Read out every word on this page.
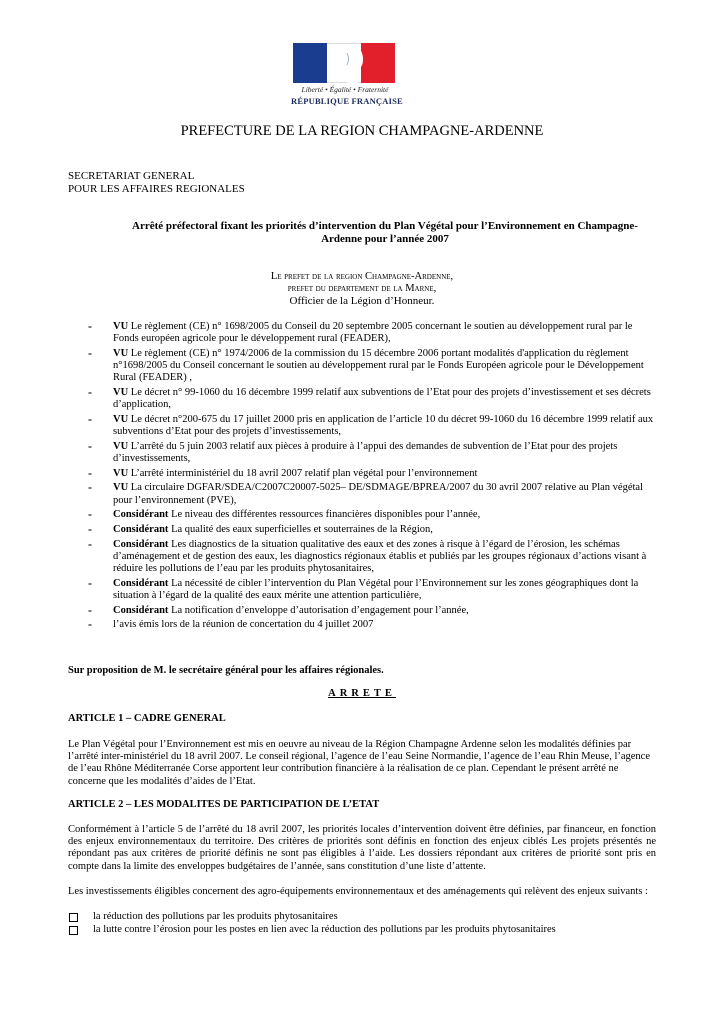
Liberté • Égalité • Fraternité
RÉPUBLIQUE FRANÇAISE
PREFECTURE DE LA REGION CHAMPAGNE-ARDENNE
SECRETARIAT GENERAL
POUR LES AFFAIRES REGIONALES
Arrêté préfectoral fixant les priorités d’intervention du Plan Végétal pour l’Environnement en Champagne-Ardenne pour l’année 2007
Le prefet de la region Champagne-Ardenne,
prefet du departement de la Marne,
Officier de la Légion d’Honneur.
- VU Le règlement (CE) n° 1698/2005 du Conseil du 20 septembre 2005 concernant le soutien au développement rural par le Fonds européen agricole pour le développement rural (FEADER),
- VU Le règlement (CE) n° 1974/2006 de la commission du 15 décembre 2006 portant modalités d'application du règlement n°1698/2005 du Conseil concernant le soutien au développement rural par le Fonds Européen agricole pour le Développement Rural (FEADER) ,
- VU Le décret n° 99-1060 du 16 décembre 1999 relatif aux subventions de l’Etat pour des projets d’investissement et ses décrets d’application,
- VU Le décret n°200-675 du 17 juillet 2000 pris en application de l’article 10 du décret 99-1060 du 16 décembre 1999 relatif aux subventions d’Etat pour des projets d’investissements,
- VU L’arrêté du 5 juin 2003 relatif aux pièces à produire à l’appui des demandes de subvention de l’Etat pour des projets d’investissements,
- VU L’arrêté interministériel du 18 avril 2007 relatif plan végétal pour l’environnement
- VU La circulaire DGFAR/SDEA/C2007C20007-5025– DE/SDMAGE/BPREA/2007 du 30 avril 2007 relative au Plan végétal pour l’environnement (PVE),
- Considérant Le niveau des différentes ressources financières disponibles pour l’année,
- Considérant La qualité des eaux superficielles et souterraines de la Région,
- Considérant Les diagnostics de la situation qualitative des eaux et des zones à risque à l’égard de l’érosion, les schémas d’aménagement et de gestion des eaux, les diagnostics régionaux établis et publiés par les groupes régionaux d’actions visant à réduire les pollutions de l’eau par les produits phytosanitaires,
- Considérant La nécessité de cibler l’intervention du Plan Végétal pour l’Environnement sur les zones géographiques dont la situation à l’égard de la qualité des eaux mérite une attention particulière,
- Considérant La notification d’enveloppe d’autorisation d’engagement pour l’année,
- l’avis émis lors de la réunion de concertation du 4 juillet 2007
Sur proposition de M. le secrétaire général pour les affaires régionales.
ARRETE
ARTICLE 1 – CADRE GENERAL

Le Plan Végétal pour l’Environnement est mis en oeuvre au niveau de la Région Champagne Ardenne selon les modalités définies par l’arrêté inter-ministériel du 18 avril 2007. Le conseil régional, l’agence de l’eau Seine Normandie, l’agence de l’eau Rhin Meuse, l’agence de l’eau Rhône Méditerranée Corse apportent leur contribution financière à la réalisation de ce plan. Cependant le présent arrêté ne concerne que les modalités d’aides de l’Etat.

ARTICLE 2 – LES MODALITES DE PARTICIPATION DE L’ETAT

Conformément à l’article 5 de l’arrêté du 18 avril 2007, les priorités locales d’intervention doivent être définies, par financeur, en fonction des enjeux environnementaux du territoire. Des critères de priorités sont définis en fonction des enjeux ciblés Les projets présentés ne répondant pas aux critères de priorité définis ne sont pas éligibles à l’aide. Les dossiers répondant aux critères de priorité sont pris en compte dans la limite des enveloppes budgétaires de l’année, sans constitution d’une liste d’attente.

Les investissements éligibles concernent des agro-équipements environnementaux et des aménagements qui relèvent des enjeux suivants :

la réduction des pollutions par les produits phytosanitaires
la lutte contre l’érosion pour les postes en lien avec la réduction des pollutions par les produits phytosanitaires
